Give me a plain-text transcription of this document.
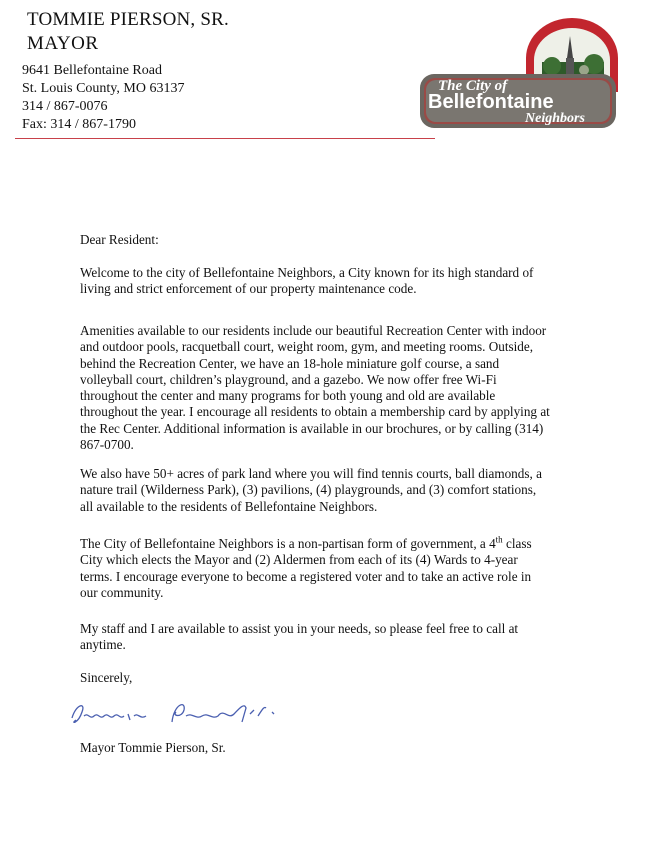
TOMMIE PIERSON, SR.
MAYOR
9641 Bellefontaine Road
St. Louis County, MO 63137
314 / 867-0076
Fax: 314 / 867-1790
The City of
Bellefontaine
Neighbors
Dear Resident:
Welcome to the city of Bellefontaine Neighbors, a City known for its high standard of living and strict enforcement of our property maintenance code.
Amenities available to our residents include our beautiful Recreation Center with indoor and outdoor pools, racquetball court, weight room, gym, and meeting rooms. Outside, behind the Recreation Center, we have an 18-hole miniature golf course, a sand volleyball court, children’s playground, and a gazebo. We now offer free Wi-Fi throughout the center and many programs for both young and old are available throughout the year. I encourage all residents to obtain a membership card by applying at the Rec Center. Additional information is available in our brochures, or by calling (314) 867-0700.
We also have 50+ acres of park land where you will find tennis courts, ball diamonds, a nature trail (Wilderness Park), (3) pavilions, (4) playgrounds, and (3) comfort stations, all available to the residents of Bellefontaine Neighbors.
The City of Bellefontaine Neighbors is a non-partisan form of government, a 4th class City which elects the Mayor and (2) Aldermen from each of its (4) Wards to 4-year terms. I encourage everyone to become a registered voter and to take an active role in our community.
My staff and I are available to assist you in your needs, so please feel free to call at anytime.
Sincerely,
Mayor Tommie Pierson, Sr.
